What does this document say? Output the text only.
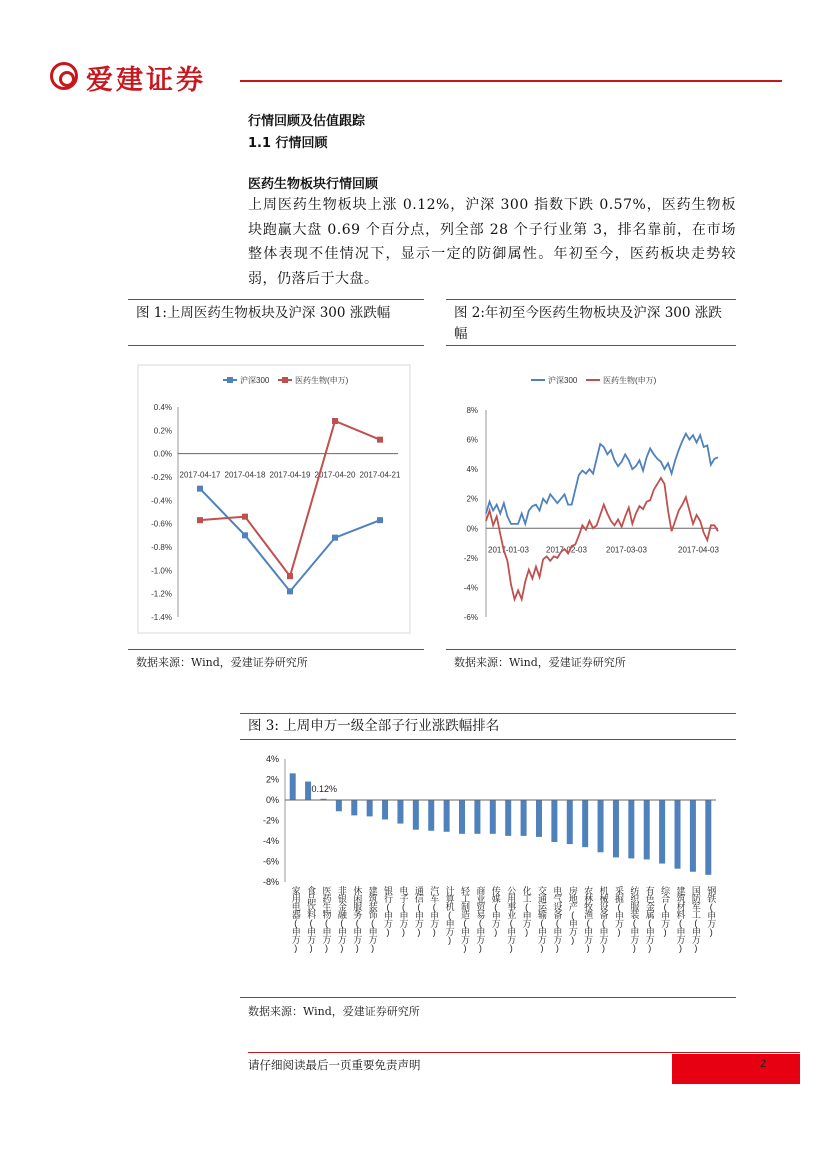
爱建证券
行情回顾及估值跟踪
1.1 行情回顾
医药生物板块行情回顾
上周医药生物板块上涨 0.12%，沪深 300 指数下跌 0.57%，医药生物板块跑赢大盘 0.69 个百分点，列全部 28 个子行业第 3，排名靠前，在市场整体表现不佳情况下，显示一定的防御属性。年初至今，医药板块走势较弱，仍落后于大盘。
图 1:上周医药生物板块及沪深 300 涨跌幅
0.4%
0.2%
0.0%
-0.2%
-0.4%
-0.6%
-0.8%
-1.0%
-1.2%
-1.4%
2017-04-17 2017-04-18 2017-04-19 2017-04-20 2017-04-21
沪深300	医药生物(申万)
数据来源：Wind，爱建证券研究所
图 2:年初至今医药生物板块及沪深 300 涨跌幅
8%
6%
4%
2%
0%
-2%
-4%
-6%
2017-01-03 2017-02-03 2017-03-03	2017-04-03
沪深300	医药生物(申万)
数据来源：Wind，爱建证券研究所
图 3: 上周申万一级全部子行业涨跌幅排名
4%
2%
0%
-2%
-4%
-6%
-8%
0.12%
家用电器(申万) 食品饮料(申万) 医药生物(申万) 非银金融(申万) 休闲服务(申万) 建筑装饰(申万) 银行(申万) 电子(申万) 通信(申万) 汽车(申万) 计算机(申万) 轻工制造(申万) 商业贸易(申万) 传媒(申万) 公用事业(申万) 化工(申万) 交通运输(申万) 电气设备(申万) 房地产(申万) 农林牧渔(申万) 机械设备(申万) 采掘(申万) 纺织服装(申万) 有色金属(申万) 综合(申万) 建筑材料(申万) 国防军工(申万) 钢铁(申万)
数据来源：Wind，爱建证券研究所
请仔细阅读最后一页重要免责声明	2
